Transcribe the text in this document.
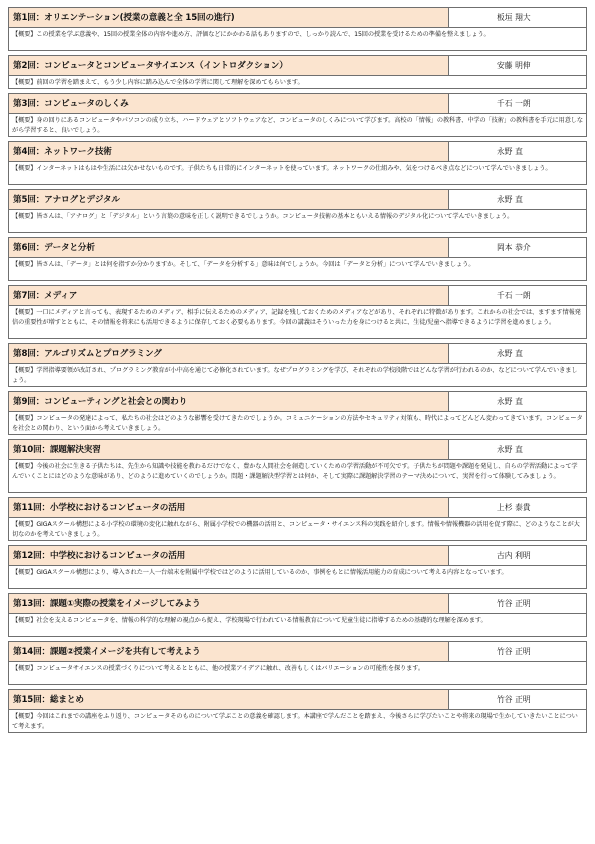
第1回：オリエンテーション(授業の意義と全 15回の進行)	板垣 翔大
【概要】この授業を学ぶ意義や、15回の授業全体の内容や進め方、評価などにかかわる話もありますので、しっかり読んで、15回の授業を受けるための準備を整えましょう。
第2回：コンピュータとコンピュータサイエンス（イントロダクション）	安藤 明伸
【概要】前回の学習を踏まえて、もう少し内容に踏み込んで全体の学習に関して理解を深めてもらいます。
第3回：コンピュータのしくみ	千石 一朗
【概要】身の回りにあるコンピュータやパソコンの成り立ち、ハードウェアとソフトウェアなど、コンピュータのしくみについて学びます。高校の「情報」の教科書、中学の「技術」の教科書を手元に用意しながら学習すると、良いでしょう。
第4回：ネットワーク技術	永野 直
【概要】インターネットはもはや生活には欠かせないものです。子供たちも日常的にインターネットを使っています。ネットワークの仕組みや、気をつけるべき点などについて学んでいきましょう。
第5回：アナログとデジタル	永野 直
【概要】皆さんは、「アナログ」と「デジタル」という言葉の意味を正しく説明できるでしょうか。コンピュータ技術の基本ともいえる情報のデジタル化について学んでいきましょう。
第6回：データと分析	岡本 恭介
【概要】皆さんは、「データ」とは何を指すか分かりますか。そして、「データを分析する」意味は何でしょうか。今回は「データと分析」について学んでいきましょう。
第7回：メディア	千石 一朗
【概要】一口にメディアと言っても、表現するためのメディア、相手に伝えるためのメディア、記録を残しておくためのメディアなどがあり、それぞれに特徴があります。これからの社会では、ますます情報発信の重要性が増すとともに、その情報を将来にも活用できるように保存しておく必要もあります。今回の講義はそういった力を身につけると共に、生徒/児童へ指導できるように学習を進めましょう。
第8回：アルゴリズムとプログラミング	永野 直
【概要】学習指導要領が改訂され、プログラミング教育が小中高を通じて必修化されています。なぜプログラミングを学び、それぞれの学校段階ではどんな学習が行われるのか、などについて学んでいきましょう。
第9回：コンピューティングと社会との関わり	永野 直
【概要】コンピュータの発達によって、私たちの社会はどのような影響を受けてきたのでしょうか。コミュニケーションの方法やセキュリティ対策も、時代によってどんどん変わってきています。コンピュータを社会との関わり、という面から考えていきましょう。
第10回：課題解決実習	永野 直
【概要】今後の社会に生きる子供たちは、先生から知識や技能を教わるだけでなく、豊かな人間社会を創造していくための学習活動が不可欠です。子供たちが問題や課題を発見し、自らの学習活動によって学んでいくことにはどのような意味があり、どのように進めていくのでしょうか。問題・課題解決型学習とは何か、そして実際に課題解決学習のテーマ決めについて、実習を行って体験してみましょう。
第11回：小学校におけるコンピュータの活用	上杉 泰貴
【概要】GIGAスクール構想による小学校の環境の変化に触れながら、附属小学校での機器の活用と、コンピュータ・サイエンス科の実践を紹介します。情報や情報機器の活用を促す際に、どのようなことが大切なのかを考えていきましょう。
第12回：中学校におけるコンピュータの活用	古内 利明
【概要】GIGAスクール構想により、導入された一人一台端末を附属中学校ではどのように活用しているのか、事例をもとに情報活用能力の育成について考える内容となっています。
第13回：課題①実際の授業をイメージしてみよう	竹谷 正明
【概要】社会を支えるコンピュータを、情報の科学的な理解の視点から捉え、学校現場で行われている情報教育について児童生徒に指導するための基礎的な理解を深めます。
第14回：課題②授業イメージを共有して考えよう	竹谷 正明
【概要】コンピュータサイエンスの授業づくりについて考えるとともに、他の授業アイデアに触れ、改善もしくはバリエーションの可能性を探ります。
第15回：総まとめ	竹谷 正明
【概要】今回はこれまでの講座をふり返り、コンピュータそのものについて学ぶことの意義を確認します。本講座で学んだことを踏まえ、今後さらに学びたいことや将来の現場で生かしていきたいことについて考えます。
